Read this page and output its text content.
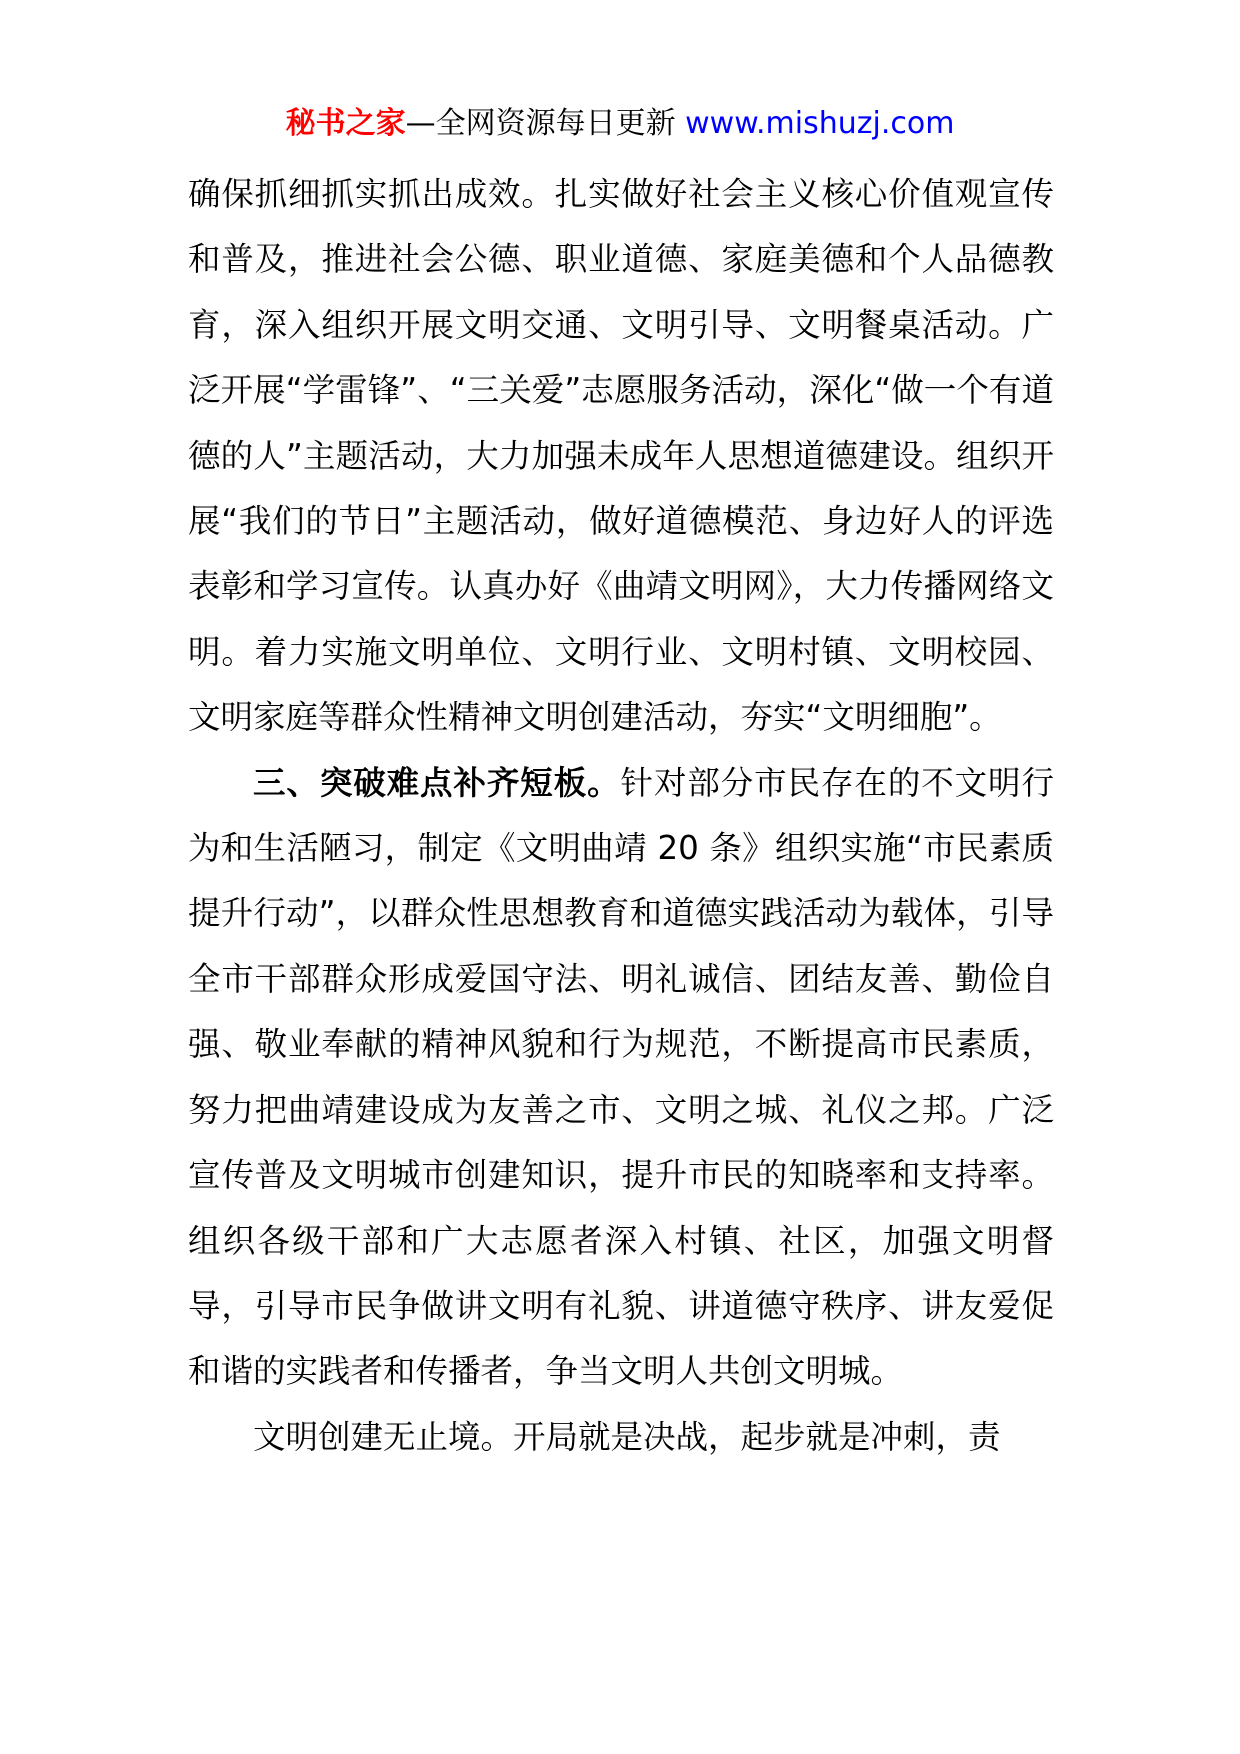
秘书之家—全网资源每日更新 www.mishuzj.com

确保抓细抓实抓出成效。扎实做好社会主义核心价值观宣传和普及，推进社会公德、职业道德、家庭美德和个人品德教育，深入组织开展文明交通、文明引导、文明餐桌活动。广泛开展“学雷锋”、“三关爱”志愿服务活动，深化“做一个有道德的人”主题活动，大力加强未成年人思想道德建设。组织开展“我们的节日”主题活动，做好道德模范、身边好人的评选表彰和学习宣传。认真办好《曲靖文明网》，大力传播网络文明。着力实施文明单位、文明行业、文明村镇、文明校园、文明家庭等群众性精神文明创建活动，夯实“文明细胞”。

三、突破难点补齐短板。针对部分市民存在的不文明行为和生活陋习，制定《文明曲靖 20 条》组织实施“市民素质提升行动”，以群众性思想教育和道德实践活动为载体，引导全市干部群众形成爱国守法、明礼诚信、团结友善、勤俭自强、敬业奉献的精神风貌和行为规范，不断提高市民素质，努力把曲靖建设成为友善之市、文明之城、礼仪之邦。广泛宣传普及文明城市创建知识，提升市民的知晓率和支持率。组织各级干部和广大志愿者深入村镇、社区，加强文明督导，引导市民争做讲文明有礼貌、讲道德守秩序、讲友爱促和谐的实践者和传播者，争当文明人共创文明城。

文明创建无止境。开局就是决战，起步就是冲刺，责
